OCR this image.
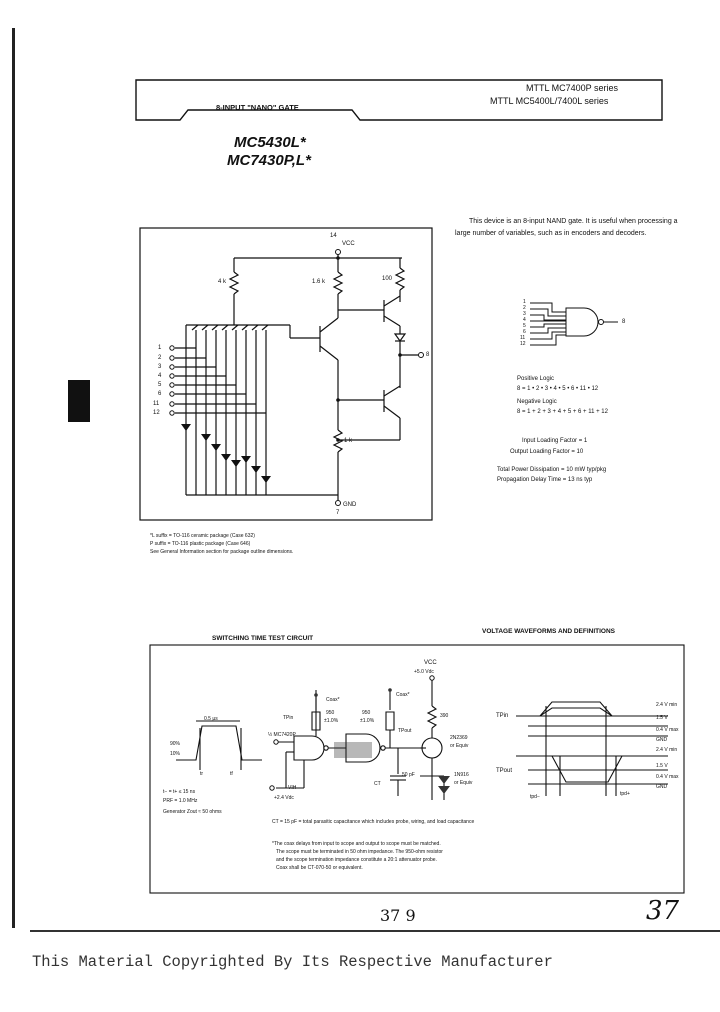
MTTL MC7400P series
MTTL MC5400L/7400L series
8-INPUT "NANO" GATE
MC5430L*
MC7430P,L*
This device is an 8-input NAND gate. It is useful when processing a large number of variables, such as in encoders and decoders.
14
VCC
4 k	1.6 k	100
1 k
8
GND
7
1
2
3
4
5
6
11
12
1
2
3
4
5
6
11
12
8
Positive Logic
8 = 1 • 2 • 3 • 4 • 5 • 6 • 11 • 12
Negative Logic
8 = 1 + 2 + 3 + 4 + 5 + 6 + 11 + 12
Input Loading Factor = 1
Output Loading Factor = 10
Total Power Dissipation = 10 mW typ/pkg
Propagation Delay Time = 13 ns typ
*L suffix = TO-116 ceramic package (Case 632)
P suffix = TO-116 plastic package (Case 646)
See General Information section for package outline dimensions.
SWITCHING TIME TEST CIRCUIT
VOLTAGE WAVEFORMS AND DEFINITIONS
0.5 µs
90%
10%
tr	tf
t− = t+ ≤ 15 ns
PRF = 1.0 MHz
Generator Zout ≈ 50 ohms
TPin
½ MC7420P
VIH
+2.4 Vdc
Coax*
Coax*
950
±1.0%
950
±1.0%
TPout
VCC
+5.0 Vdc
390
2N2369
or Equiv
CT
50 pF	1N916
or Equiv
CT = 15 pF = total parasitic capacitance which includes probe, wiring, and load capacitance
*The coax delays from input to scope and output to scope must be matched.
The scope must be terminated in 50 ohm impedance. The 950-ohm resistor
and the scope termination impedance constitute a 20:1 attenuator probe.
Coax shall be CT-070-50 or equivalent.
TPin
TPout
2.4 V min
1.5 V
0.4 V max
GND
2.4 V min
1.5 V
0.4 V max
GND
tpd−	tpd+
37 9	37
This Material Copyrighted By Its Respective Manufacturer
